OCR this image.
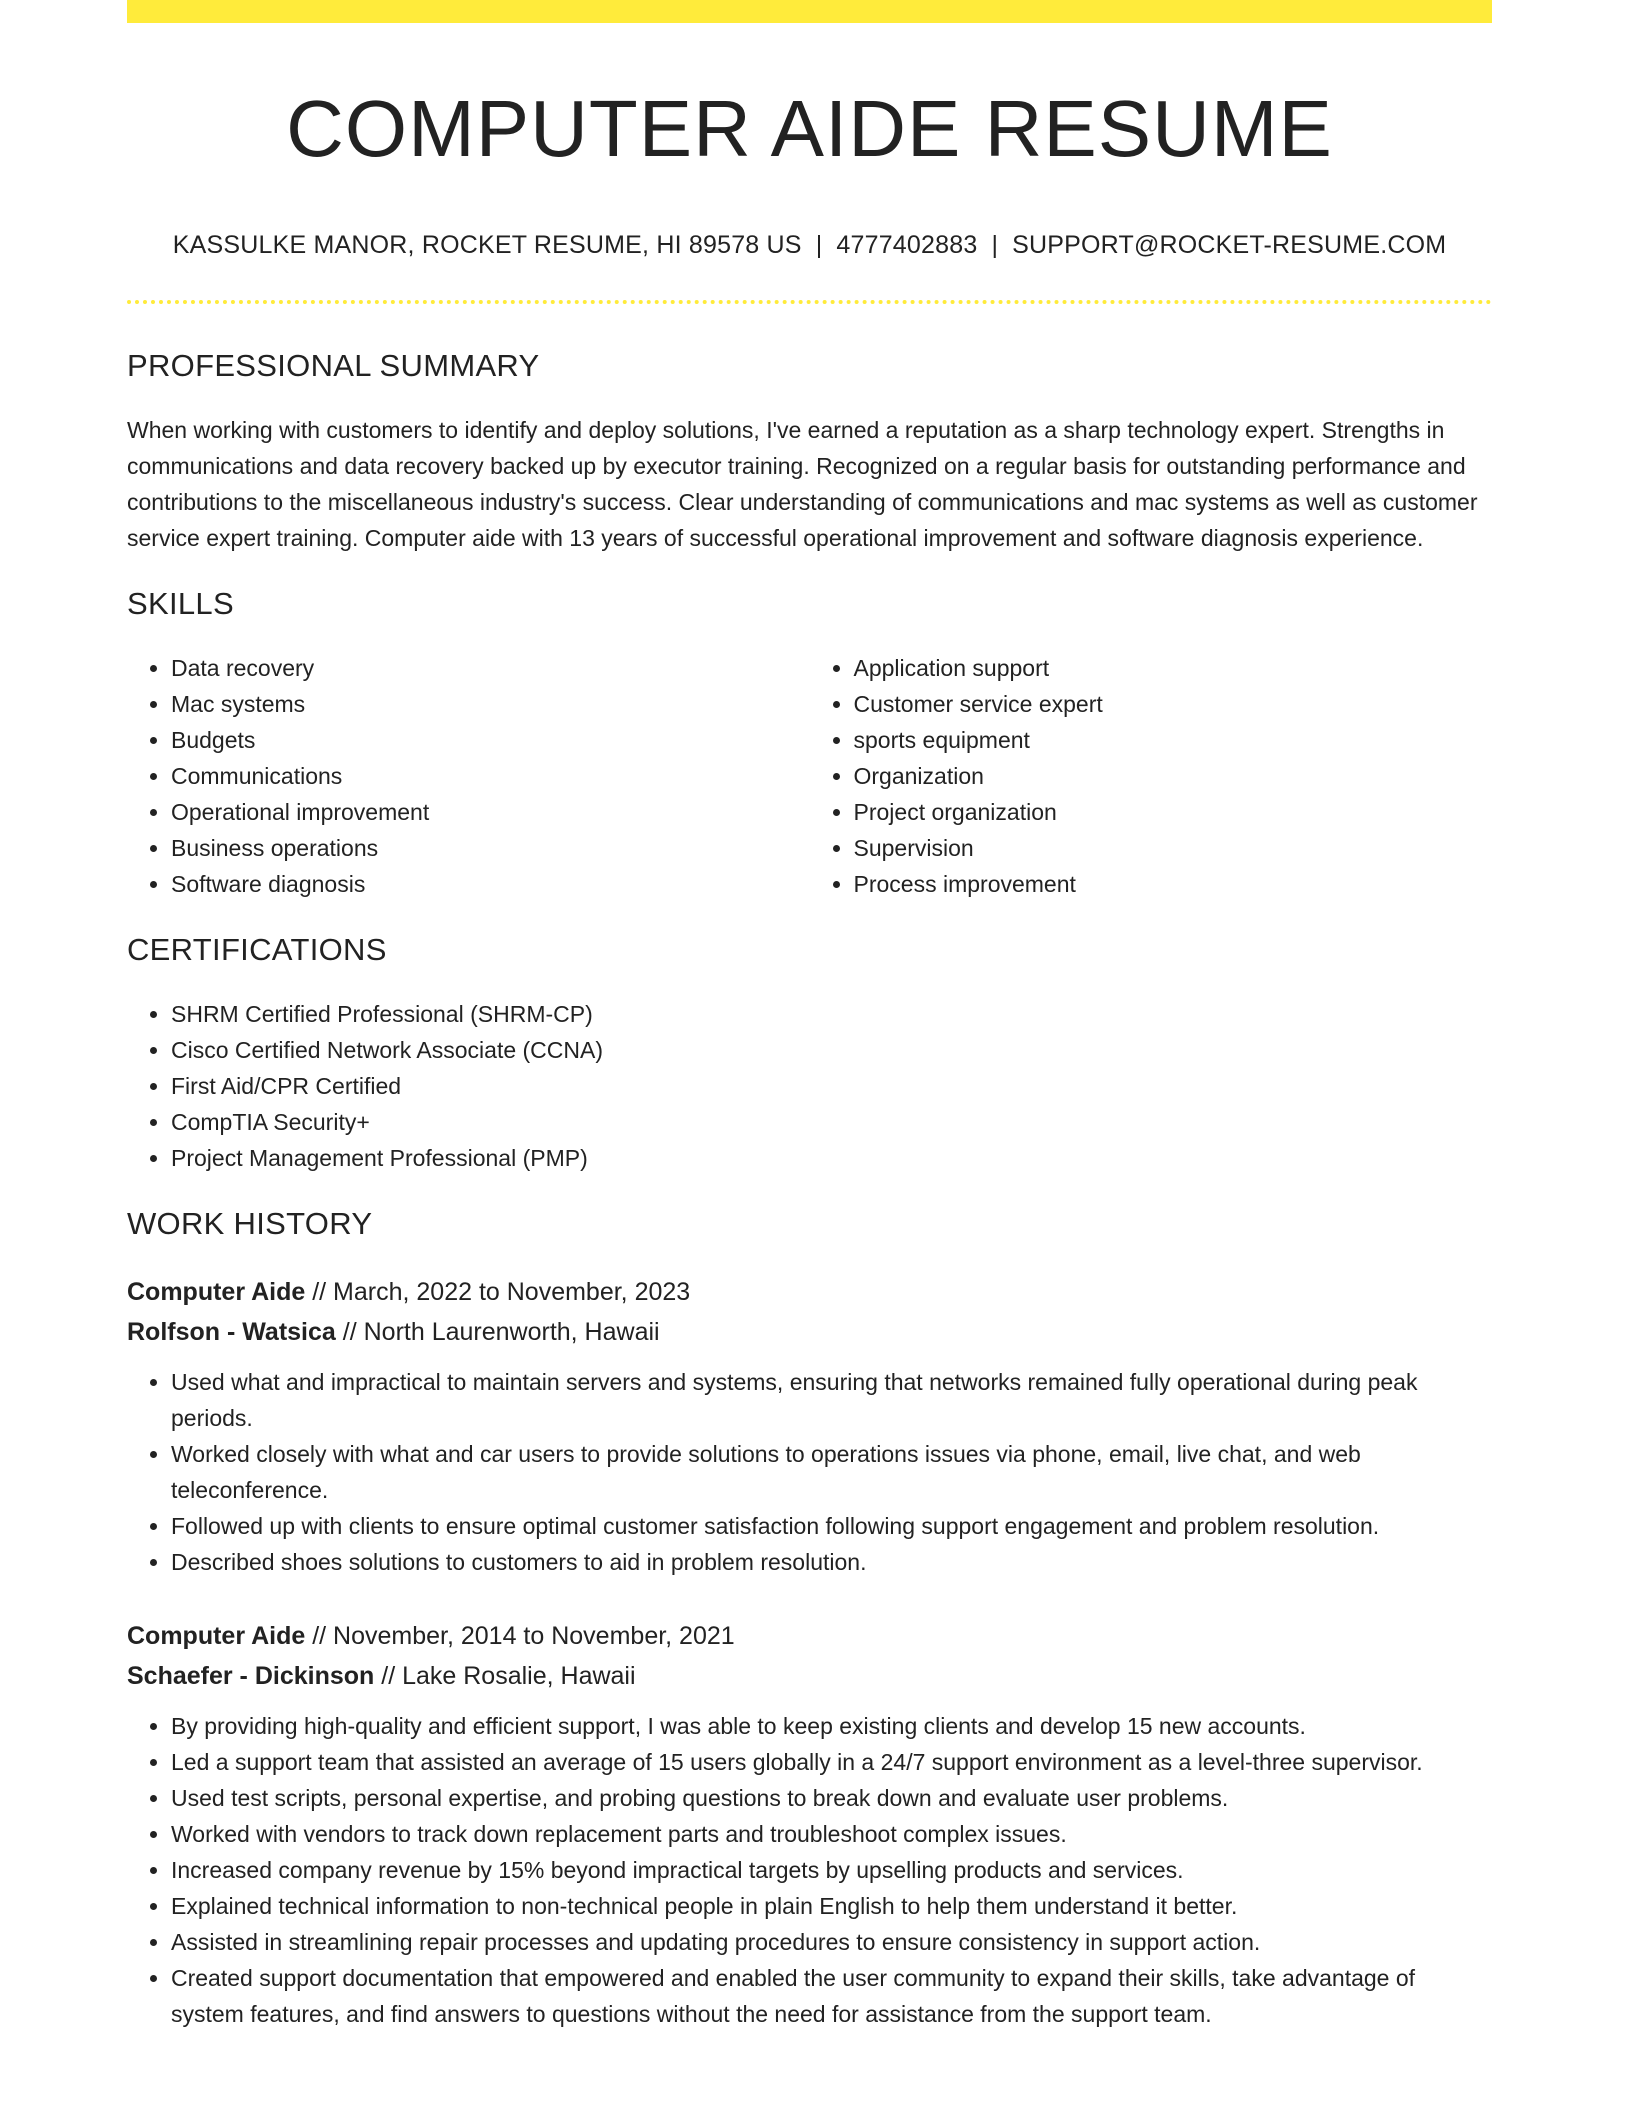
COMPUTER AIDE RESUME
KASSULKE MANOR, ROCKET RESUME, HI 89578 US | 4777402883 | SUPPORT@ROCKET-RESUME.COM
PROFESSIONAL SUMMARY

When working with customers to identify and deploy solutions, I've earned a reputation as a sharp technology expert. Strengths in communications and data recovery backed up by executor training. Recognized on a regular basis for outstanding performance and contributions to the miscellaneous industry's success. Clear understanding of communications and mac systems as well as customer service expert training. Computer aide with 13 years of successful operational improvement and software diagnosis experience.

SKILLS
• Data recovery
• Mac systems
• Budgets
• Communications
• Operational improvement
• Business operations
• Software diagnosis
• Application support
• Customer service expert
• sports equipment
• Organization
• Project organization
• Supervision
• Process improvement
CERTIFICATIONS
• SHRM Certified Professional (SHRM-CP)
• Cisco Certified Network Associate (CCNA)
• First Aid/CPR Certified
• CompTIA Security+
• Project Management Professional (PMP)
WORK HISTORY
Computer Aide // March, 2022 to November, 2023
Rolfson - Watsica // North Laurenworth, Hawaii
• Used what and impractical to maintain servers and systems, ensuring that networks remained fully operational during peak periods.
• Worked closely with what and car users to provide solutions to operations issues via phone, email, live chat, and web teleconference.
• Followed up with clients to ensure optimal customer satisfaction following support engagement and problem resolution.
• Described shoes solutions to customers to aid in problem resolution.
Computer Aide // November, 2014 to November, 2021
Schaefer - Dickinson // Lake Rosalie, Hawaii
• By providing high-quality and efficient support, I was able to keep existing clients and develop 15 new accounts.
• Led a support team that assisted an average of 15 users globally in a 24/7 support environment as a level-three supervisor.
• Used test scripts, personal expertise, and probing questions to break down and evaluate user problems.
• Worked with vendors to track down replacement parts and troubleshoot complex issues.
• Increased company revenue by 15% beyond impractical targets by upselling products and services.
• Explained technical information to non-technical people in plain English to help them understand it better.
• Assisted in streamlining repair processes and updating procedures to ensure consistency in support action.
• Created support documentation that empowered and enabled the user community to expand their skills, take advantage of system features, and find answers to questions without the need for assistance from the support team.
